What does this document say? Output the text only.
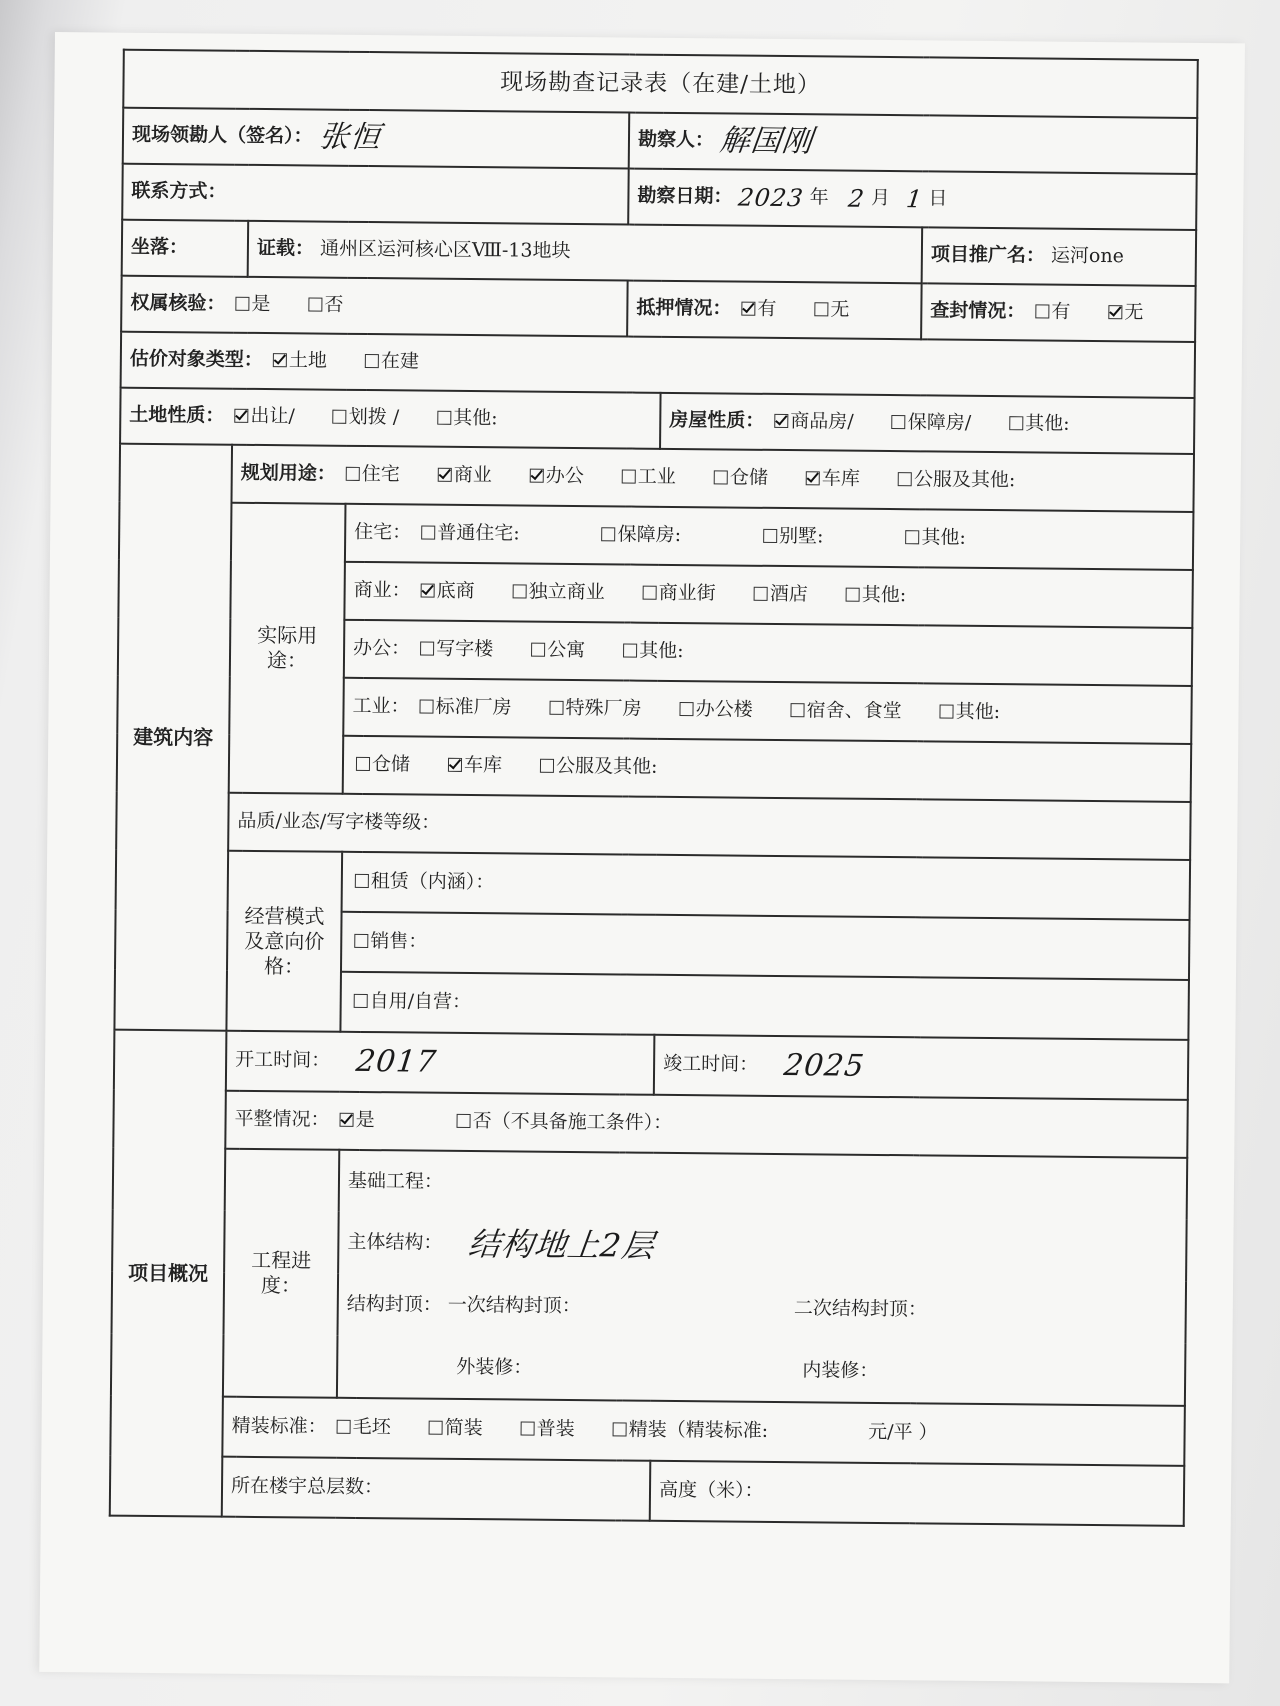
现场勘查记录表（在建/土地）						
现场领勘人（签名）： 张恒				勘察人： 解国刚		
联系方式：				勘察日期： 2023 年 2 月 1 日		
坐落：		证载： 通州区运河核心区Ⅷ-13地块				项目推广名： 运河one
权属核验： 是 否				抵押情况： 有 无		查封情况： 有 无
估价对象类型： 土地 在建						
土地性质： 出让/ 划拨 / 其他:					房屋性质： 商品房/ 保障房/ 其他:	
建筑内容	规划用途： 住宅 商业 办公 工业 仓储 车库 公服及其他:					
	实际用途：		住宅： 普通住宅: 保障房: 别墅: 其他:			
			商业： 底商 独立商业 商业街 酒店 其他:			
			办公： 写字楼 公寓 其他:			
			工业： 标准厂房 特殊厂房 办公楼 宿舍、食堂 其他:			
			仓储 车库 公服及其他:			
	品质/业态/写字楼等级：					
	经营模式及意向价格：		租赁（内涵）：			
			销售：			
			自用/自营：			
项目概况	开工时间： 2017				竣工时间： 2025	
	平整情况： 是 否（不具备施工条件）：					
	工程进度：		基础工程：			
			主体结构： 结构地上2层			
			结构封顶： 一次结构封顶： 二次结构封顶：			
			外装修： 内装修：			
	精装标准： 毛坯 简装 普装 精装（精装标准: 元/平 ）					
	所在楼宇总层数：				高度（米）：	
